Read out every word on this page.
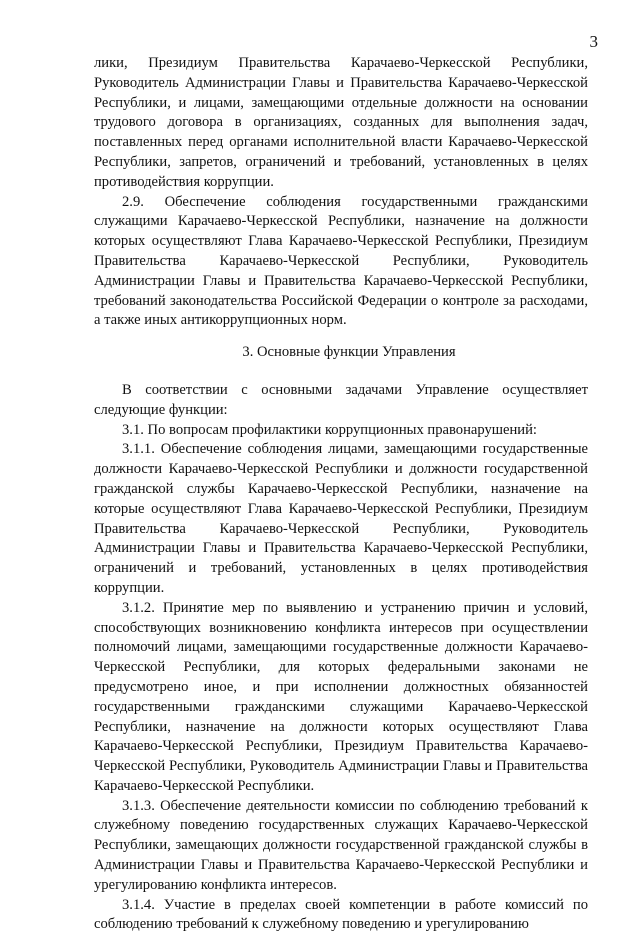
3

лики, Президиум Правительства Карачаево-Черкесской Республики, Руководитель Администрации Главы и Правительства Карачаево-Черкесской Республики, и лицами, замещающими отдельные должности на основании трудового договора в организациях, созданных для выполнения задач, поставленных перед органами исполнительной власти Карачаево-Черкесской Республики, запретов, ограничений и требований, установленных в целях противодействия коррупции.

2.9. Обеспечение соблюдения государственными гражданскими служащими Карачаево-Черкесской Республики, назначение на должности которых осуществляют Глава Карачаево-Черкесской Республики, Президиум Правительства Карачаево-Черкесской Республики, Руководитель Администрации Главы и Правительства Карачаево-Черкесской Республики, требований законодательства Российской Федерации о контроле за расходами, а также иных антикоррупционных норм.

3. Основные функции Управления

В соответствии с основными задачами Управление осуществляет следующие функции:

3.1. По вопросам профилактики коррупционных правонарушений:

3.1.1. Обеспечение соблюдения лицами, замещающими государственные должности Карачаево-Черкесской Республики и должности государственной гражданской службы Карачаево-Черкесской Республики, назначение на которые осуществляют Глава Карачаево-Черкесской Республики, Президиум Правительства Карачаево-Черкесской Республики, Руководитель Администрации Главы и Правительства Карачаево-Черкесской Республики, ограничений и требований, установленных в целях противодействия коррупции.

3.1.2. Принятие мер по выявлению и устранению причин и условий, способствующих возникновению конфликта интересов при осуществлении полномочий лицами, замещающими государственные должности Карачаево-Черкесской Республики, для которых федеральными законами не предусмотрено иное, и при исполнении должностных обязанностей государственными гражданскими служащими Карачаево-Черкесской Республики, назначение на должности которых осуществляют Глава Карачаево-Черкесской Республики, Президиум Правительства Карачаево-Черкесской Республики, Руководитель Администрации Главы и Правительства Карачаево-Черкесской Республики.

3.1.3. Обеспечение деятельности комиссии по соблюдению требований к служебному поведению государственных служащих Карачаево-Черкесской Республики, замещающих должности государственной гражданской службы в Администрации Главы и Правительства Карачаево-Черкесской Республики и урегулированию конфликта интересов.

3.1.4. Участие в пределах своей компетенции в работе комиссий по соблюдению требований к служебному поведению и урегулированию
